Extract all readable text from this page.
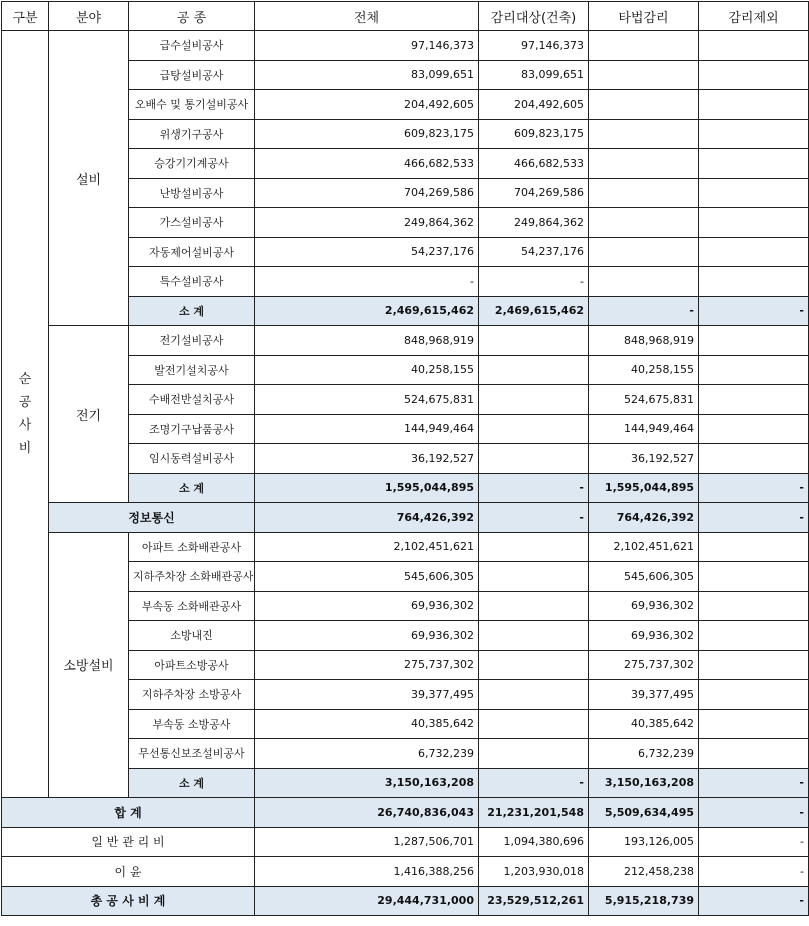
구분	분야	공 종	전체	감리대상(건축)	타법감리	감리제외

순
공
사
비	설비	급수설비공사	97,146,373	97,146,373		
		급탕설비공사	83,099,651	83,099,651		
		오배수 및 통기설비공사	204,492,605	204,492,605		
		위생기구공사	609,823,175	609,823,175		
		승강기기계공사	466,682,533	466,682,533		
		난방설비공사	704,269,586	704,269,586		
		가스설비공사	249,864,362	249,864,362		
		자동제어설비공사	54,237,176	54,237,176		
		특수설비공사	-	-		
		소 계	2,469,615,462	2,469,615,462	-	-
	전기	전기설비공사	848,968,919		848,968,919	
		발전기설치공사	40,258,155		40,258,155	
		수배전반설치공사	524,675,831		524,675,831	
		조명기구납품공사	144,949,464		144,949,464	
		임시동력설비공사	36,192,527		36,192,527	
		소 계	1,595,044,895	-	1,595,044,895	-
	정보통신		764,426,392	-	764,426,392	-
	소방설비	아파트 소화배관공사	2,102,451,621		2,102,451,621	
		지하주차장 소화배관공사	545,606,305		545,606,305	
		부속동 소화배관공사	69,936,302		69,936,302	
		소방내진	69,936,302		69,936,302	
		아파트소방공사	275,737,302		275,737,302	
		지하주차장 소방공사	39,377,495		39,377,495	
		부속동 소방공사	40,385,642		40,385,642	
		무선통신보조설비공사	6,732,239		6,732,239	
		소 계	3,150,163,208	-	3,150,163,208	-
합 계			26,740,836,043	21,231,201,548	5,509,634,495	-
일 반 관 리 비			1,287,506,701	1,094,380,696	193,126,005	-
이 윤			1,416,388,256	1,203,930,018	212,458,238	-
총 공 사 비 계			29,444,731,000	23,529,512,261	5,915,218,739	-
